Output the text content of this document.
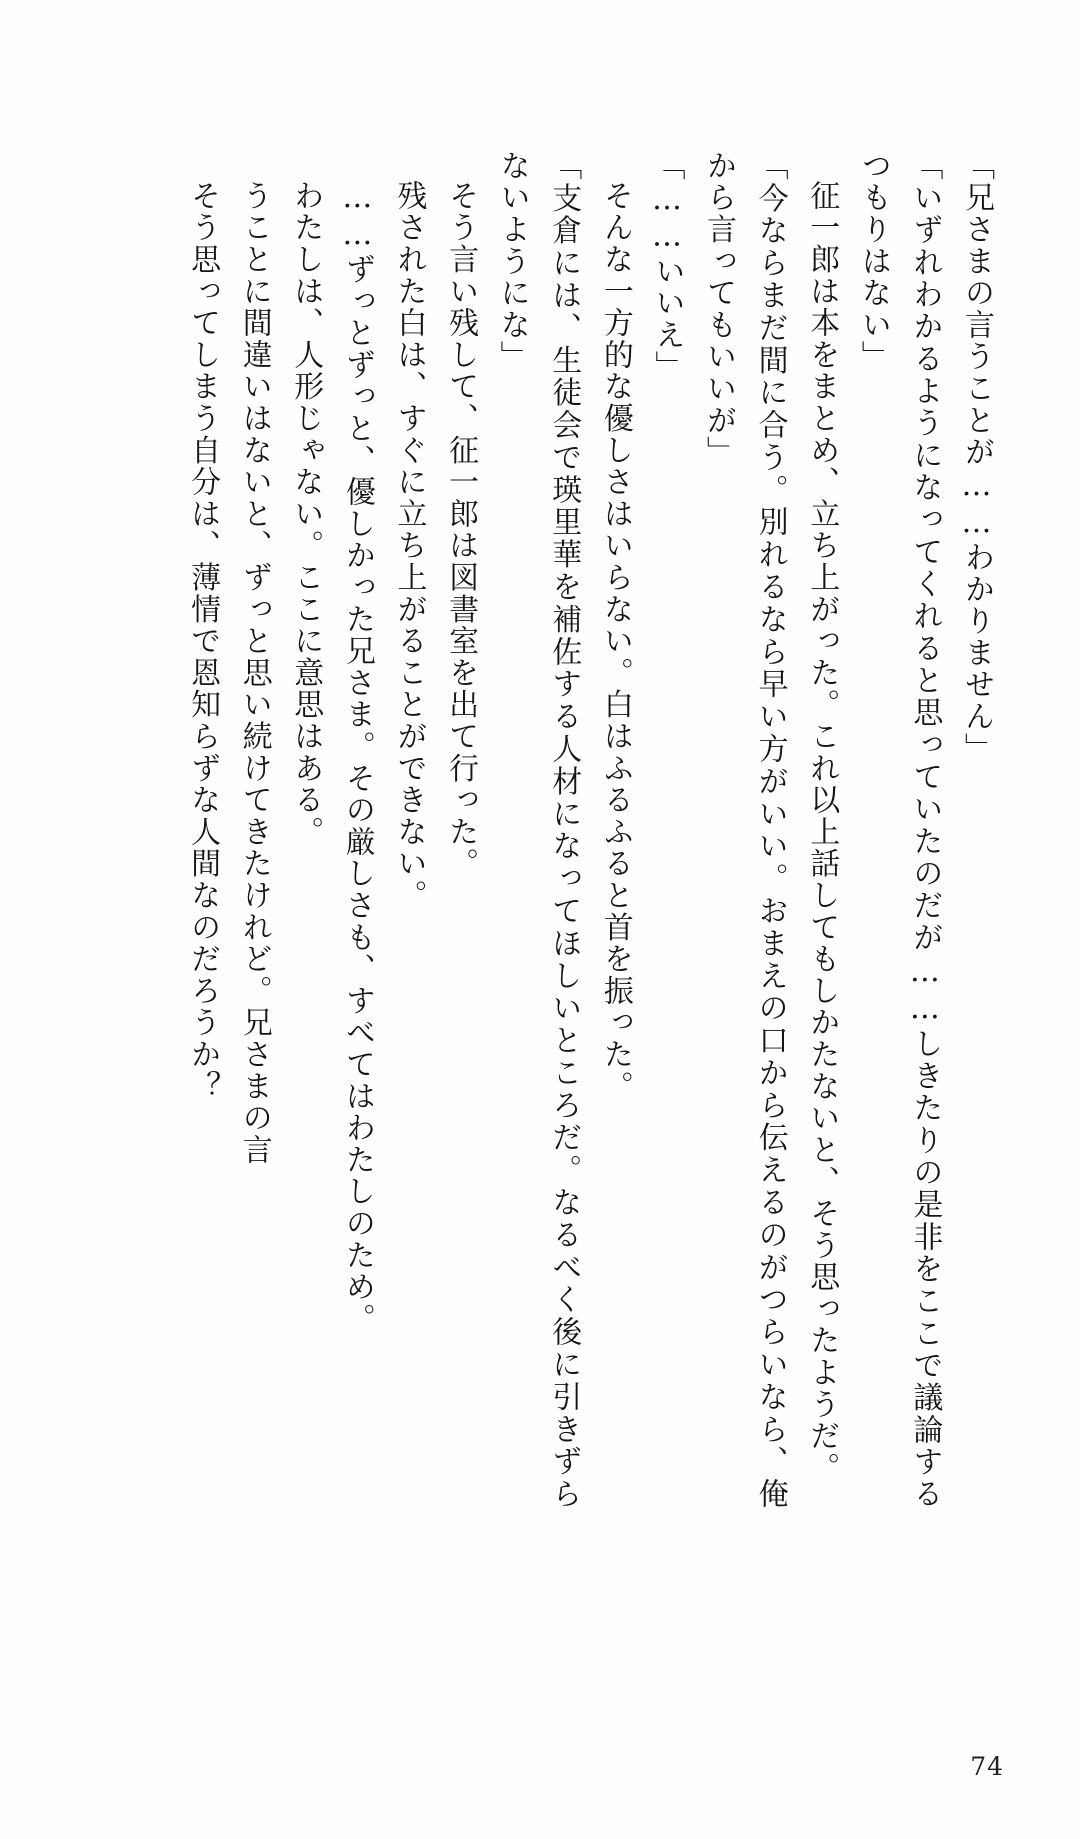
「兄さまの言うことが……わかりません」

「いずれわかるようになってくれると思っていたのだが……しきたりの是非をここで議論するつもりはない」

征一郎は本をまとめ、立ち上がった。これ以上話してもしかたないと、そう思ったようだ。

「今ならまだ間に合う。別れるなら早い方がいい。おまえの口から伝えるのがつらいなら、俺から言ってもいいが」

「……いいえ」

そんな一方的な優しさはいらない。白はふるふると首を振った。

「支倉には、生徒会で瑛里華を補佐する人材になってほしいところだ。なるべく後に引きずらないようにな」

そう言い残して、征一郎は図書室を出て行った。

残された白は、すぐに立ち上がることができない。

……ずっとずっと、優しかった兄さま。その厳しさも、すべてはわたしのため。

わたしは、人形じゃない。ここに意思はある。

うことに間違いはないと、ずっと思い続けてきたけれど。兄さまの言

そう思ってしまう自分は、薄情で恩知らずな人間なのだろうか？

74
